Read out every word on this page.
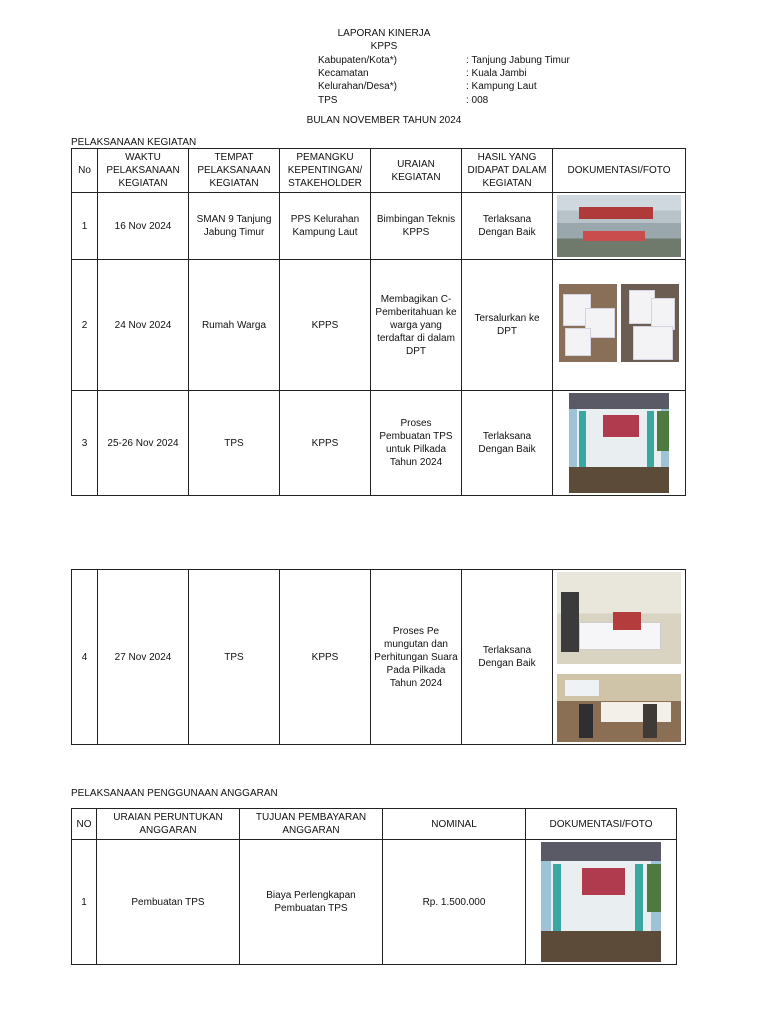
LAPORAN KINERJA
KPPS
Kabupaten/Kota*)	: Tanjung Jabung Timur
Kecamatan	: Kuala Jambi
Kelurahan/Desa*)	: Kampung Laut
TPS	: 008
BULAN NOVEMBER TAHUN 2024
PELAKSANAAN KEGIATAN
No	WAKTU PELAKSANAAN KEGIATAN	TEMPAT PELAKSANAAN KEGIATAN	PEMANGKU KEPENTINGAN/ STAKEHOLDER	URAIAN KEGIATAN	HASIL YANG DIDAPAT DALAM KEGIATAN	DOKUMENTASI/FOTO
1	16 Nov 2024	SMAN 9 Tanjung Jabung Timur	PPS Kelurahan Kampung Laut	Bimbingan Teknis KPPS	Terlaksana Dengan Baik	

2	24 Nov 2024	Rumah Warga	KPPS	Membagikan C-Pemberitahuan ke warga yang terdaftar di dalam DPT	Tersalurkan ke DPT	

3	25-26 Nov 2024	TPS	KPPS	Proses Pembuatan TPS untuk Pilkada Tahun 2024	Terlaksana Dengan Baik	
4	27 Nov 2024	TPS	KPPS	Proses Pe mungutan dan Perhitungan Suara Pada Pilkada Tahun 2024	Terlaksana Dengan Baik	
PELAKSANAAN PENGGUNAAN ANGGARAN
NO	URAIAN PERUNTUKAN ANGGARAN	TUJUAN PEMBAYARAN ANGGARAN	NOMINAL	DOKUMENTASI/FOTO
1	Pembuatan TPS	Biaya Perlengkapan Pembuatan TPS	Rp. 1.500.000	
